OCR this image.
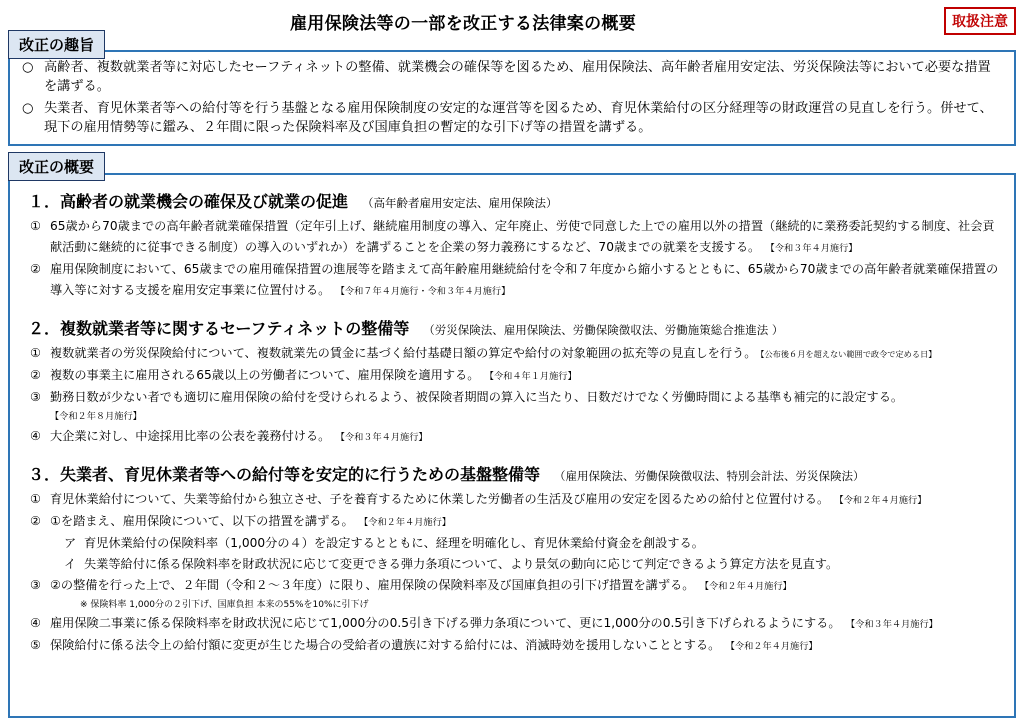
雇用保険法等の一部を改正する法律案の概要	取扱注意
改正の趣旨
○ 高齢者、複数就業者等に対応したセーフティネットの整備、就業機会の確保等を図るため、雇用保険法、高年齢者雇用安定法、労災保険法等において必要な措置を講ずる。
○ 失業者、育児休業者等への給付等を行う基盤となる雇用保険制度の安定的な運営等を図るため、育児休業給付の区分経理等の財政運営の見直しを行う。併せて、現下の雇用情勢等に鑑み、２年間に限った保険料率及び国庫負担の暫定的な引下げ等の措置を講ずる。
改正の概要
１．高齢者の就業機会の確保及び就業の促進 （高年齢者雇用安定法、雇用保険法）
① 65歳から70歳までの高年齢者就業確保措置（定年引上げ、継続雇用制度の導入、定年廃止、労使で同意した上での雇用以外の措置（継続的に業務委託契約する制度、社会貢献活動に継続的に従事できる制度）の導入のいずれか）を講ずることを企業の努力義務にするなど、70歳までの就業を支援する。 【令和３年４月施行】
② 雇用保険制度において、65歳までの雇用確保措置の進展等を踏まえて高年齢雇用継続給付を令和７年度から縮小するとともに、65歳から70歳までの高年齢者就業確保措置の導入等に対する支援を雇用安定事業に位置付ける。 【令和７年４月施行・令和３年４月施行】
２．複数就業者等に関するセーフティネットの整備等 （労災保険法、雇用保険法、労働保険徴収法、労働施策総合推進法 ）
① 複数就業者の労災保険給付について、複数就業先の賃金に基づく給付基礎日額の算定や給付の対象範囲の拡充等の見直しを行う。 【公布後６月を超えない範囲で政令で定める日】
② 複数の事業主に雇用される65歳以上の労働者について、雇用保険を適用する。 【令和４年１月施行】
③ 勤務日数が少ない者でも適切に雇用保険の給付を受けられるよう、被保険者期間の算入に当たり、日数だけでなく労働時間による基準も補完的に設定する。
【令和２年８月施行】
④ 大企業に対し、中途採用比率の公表を義務付ける。 【令和３年４月施行】
３．失業者、育児休業者等への給付等を安定的に行うための基盤整備等 （雇用保険法、労働保険徴収法、特別会計法、労災保険法）
① 育児休業給付について、失業等給付から独立させ、子を養育するために休業した労働者の生活及び雇用の安定を図るための給付と位置付ける。 【令和２年４月施行】
② ①を踏まえ、雇用保険について、以下の措置を講ずる。 【令和２年４月施行】
ア 育児休業給付の保険料率（1,000分の４）を設定するとともに、経理を明確化し、育児休業給付資金を創設する。
イ 失業等給付に係る保険料率を財政状況に応じて変更できる弾力条項について、より景気の動向に応じて判定できるよう算定方法を見直す。
③ ②の整備を行った上で、２年間（令和２～３年度）に限り、雇用保険の保険料率及び国庫負担の引下げ措置を講ずる。 【令和２年４月施行】
※ 保険料率 1,000分の２引下げ、国庫負担 本来の55%を10%に引下げ
④ 雇用保険二事業に係る保険料率を財政状況に応じて1,000分の0.5引き下げる弾力条項について、更に1,000分の0.5引き下げられるようにする。 【令和３年４月施行】
⑤ 保険給付に係る法令上の給付額に変更が生じた場合の受給者の遺族に対する給付には、消滅時効を援用しないこととする。 【令和２年４月施行】
